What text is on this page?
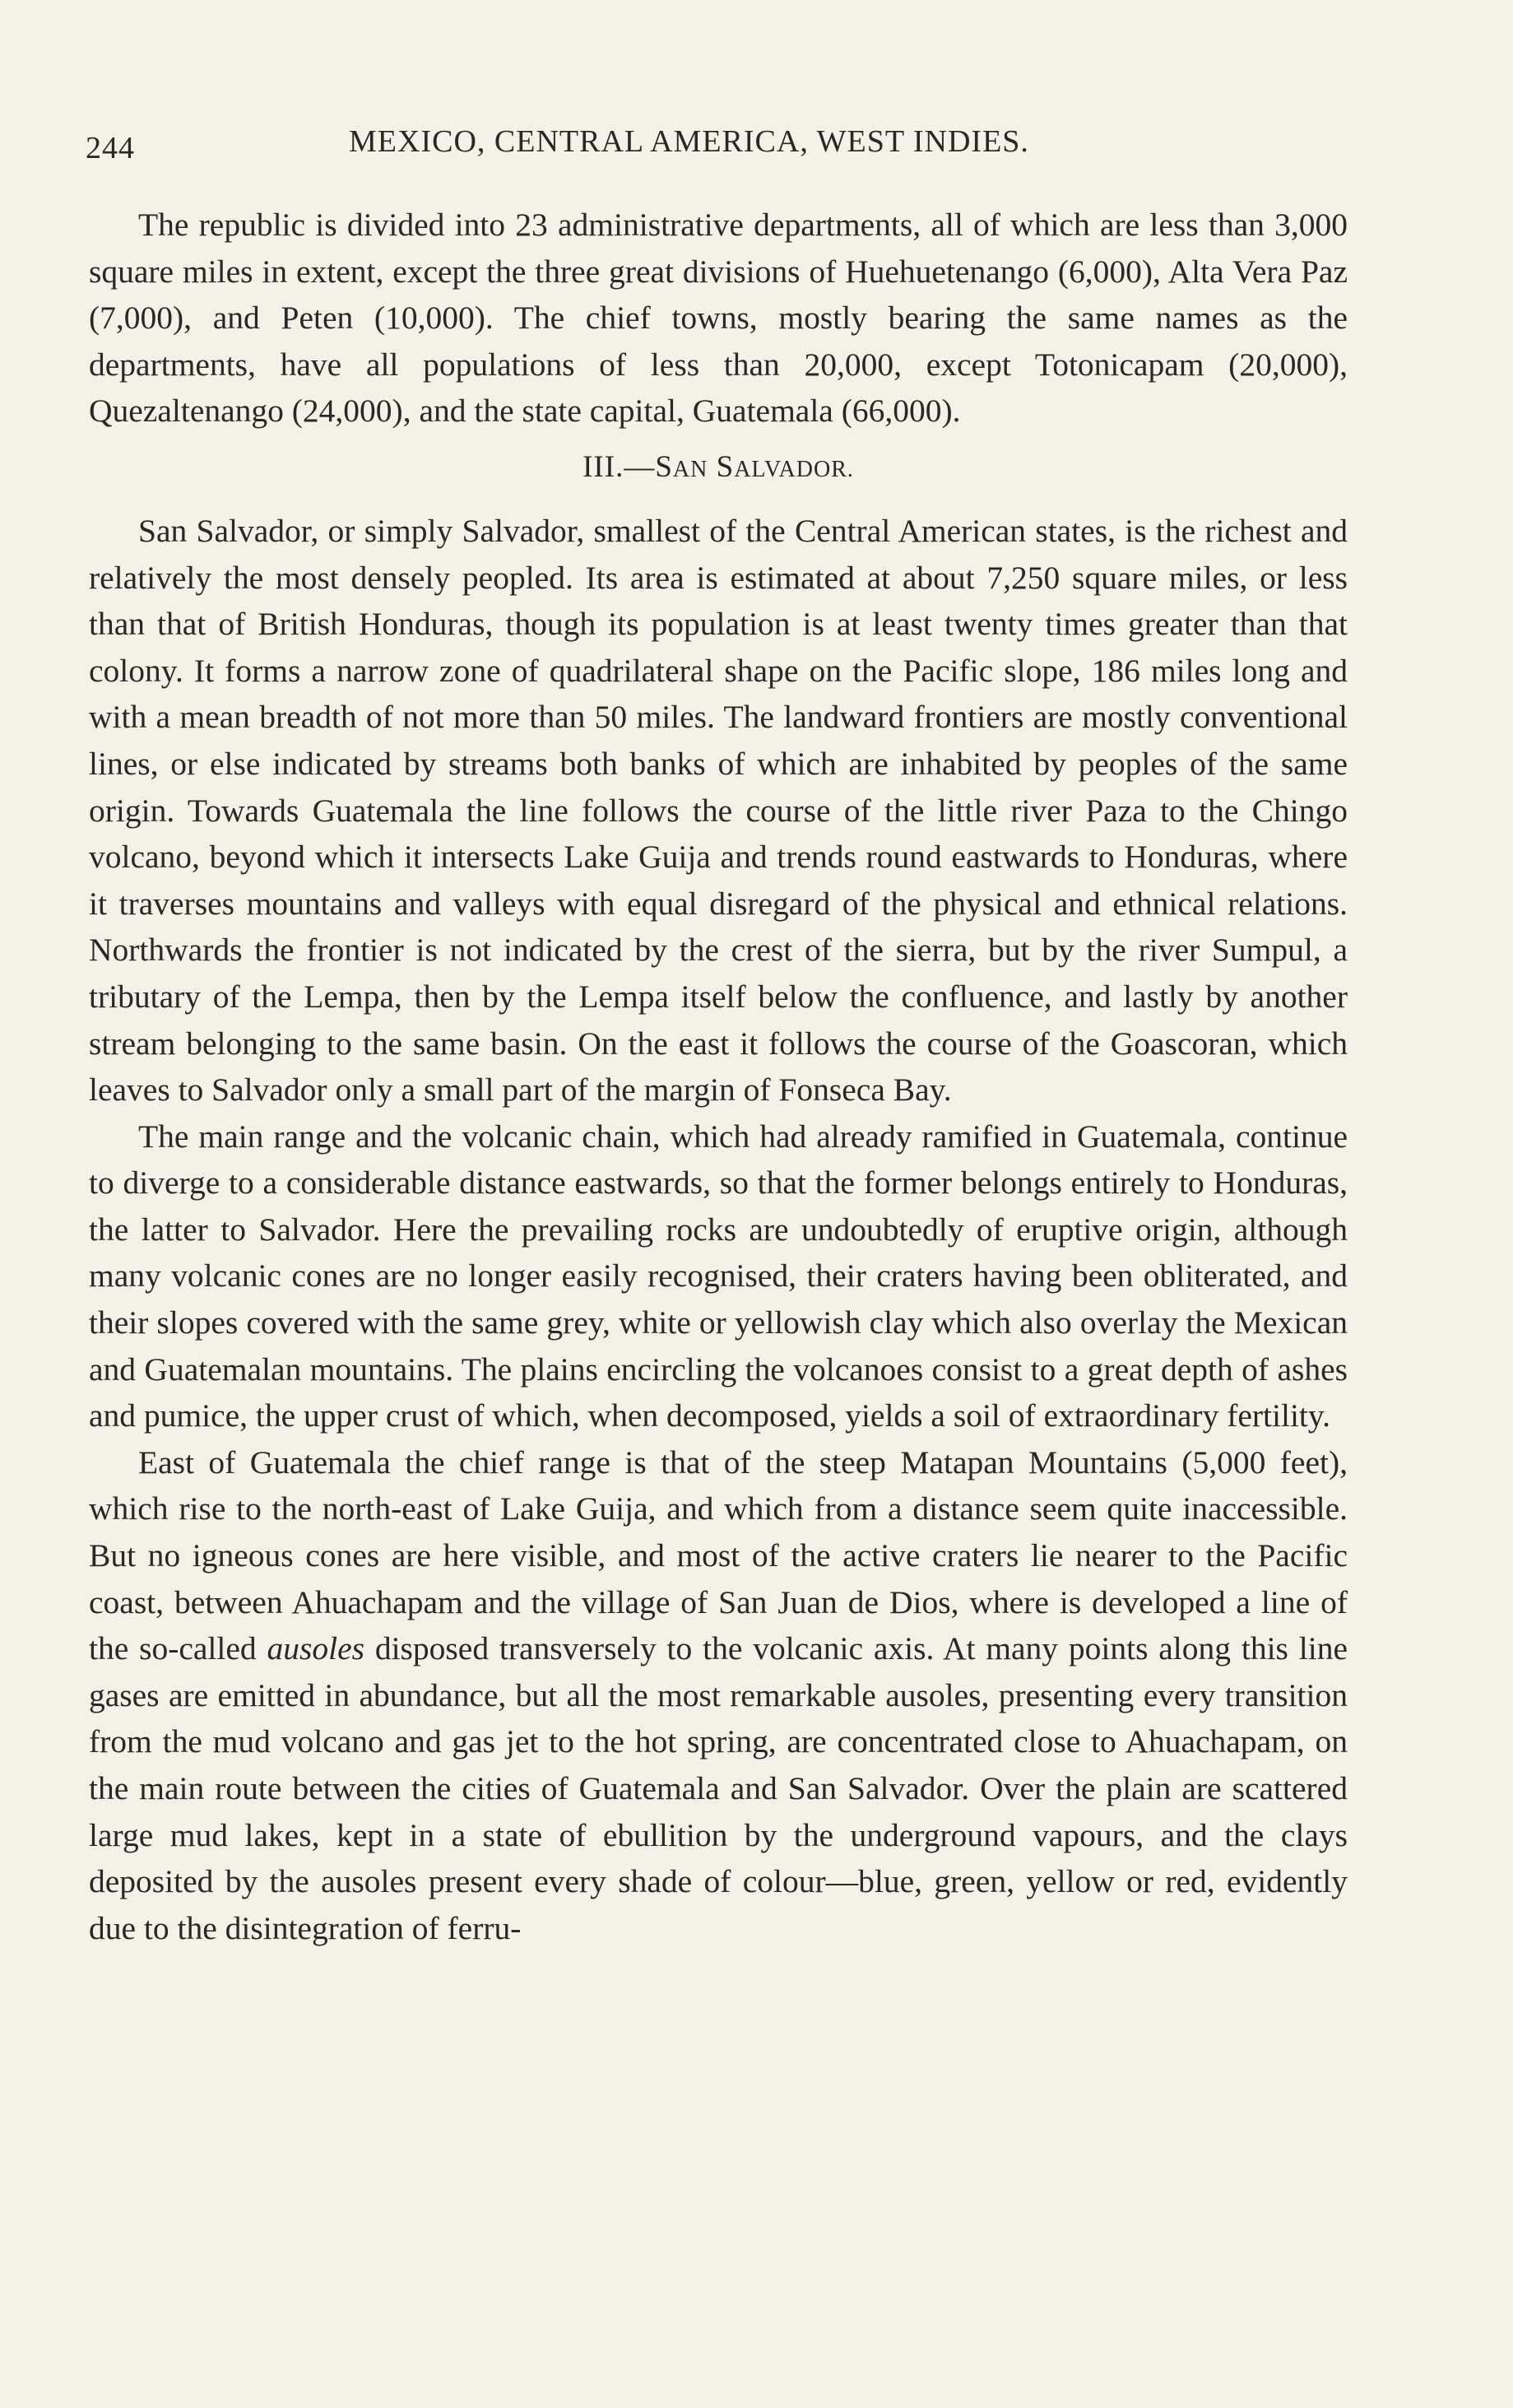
244	MEXICO, CENTRAL AMERICA, WEST INDIES.

The republic is divided into 23 administrative departments, all of which are less than 3,000 square miles in extent, except the three great divisions of Huehuetenango (6,000), Alta Vera Paz (7,000), and Peten (10,000). The chief towns, mostly bearing the same names as the departments, have all populations of less than 20,000, except Totonicapam (20,000), Quezaltenango (24,000), and the state capital, Guatemala (66,000).

III.—SAN SALVADOR.

San Salvador, or simply Salvador, smallest of the Central American states, is the richest and relatively the most densely peopled. Its area is estimated at about 7,250 square miles, or less than that of British Honduras, though its population is at least twenty times greater than that colony. It forms a narrow zone of quadrilateral shape on the Pacific slope, 186 miles long and with a mean breadth of not more than 50 miles. The landward frontiers are mostly conventional lines, or else indicated by streams both banks of which are inhabited by peoples of the same origin. Towards Guatemala the line follows the course of the little river Paza to the Chingo volcano, beyond which it intersects Lake Guija and trends round eastwards to Honduras, where it traverses mountains and valleys with equal disregard of the physical and ethnical relations. Northwards the frontier is not indicated by the crest of the sierra, but by the river Sumpul, a tributary of the Lempa, then by the Lempa itself below the confluence, and lastly by another stream belonging to the same basin. On the east it follows the course of the Goascoran, which leaves to Salvador only a small part of the margin of Fonseca Bay.

The main range and the volcanic chain, which had already ramified in Guatemala, continue to diverge to a considerable distance eastwards, so that the former belongs entirely to Honduras, the latter to Salvador. Here the prevailing rocks are undoubtedly of eruptive origin, although many volcanic cones are no longer easily recognised, their craters having been obliterated, and their slopes covered with the same grey, white or yellowish clay which also overlay the Mexican and Guatemalan mountains. The plains encircling the volcanoes consist to a great depth of ashes and pumice, the upper crust of which, when decomposed, yields a soil of extraordinary fertility.

East of Guatemala the chief range is that of the steep Matapan Mountains (5,000 feet), which rise to the north-east of Lake Guija, and which from a distance seem quite inaccessible. But no igneous cones are here visible, and most of the active craters lie nearer to the Pacific coast, between Ahuachapam and the village of San Juan de Dios, where is developed a line of the so-called ausoles disposed transversely to the volcanic axis. At many points along this line gases are emitted in abundance, but all the most remarkable ausoles, presenting every transition from the mud volcano and gas jet to the hot spring, are concentrated close to Ahuachapam, on the main route between the cities of Guatemala and San Salvador. Over the plain are scattered large mud lakes, kept in a state of ebullition by the underground vapours, and the clays deposited by the ausoles present every shade of colour—blue, green, yellow or red, evidently due to the disintegration of ferru-
